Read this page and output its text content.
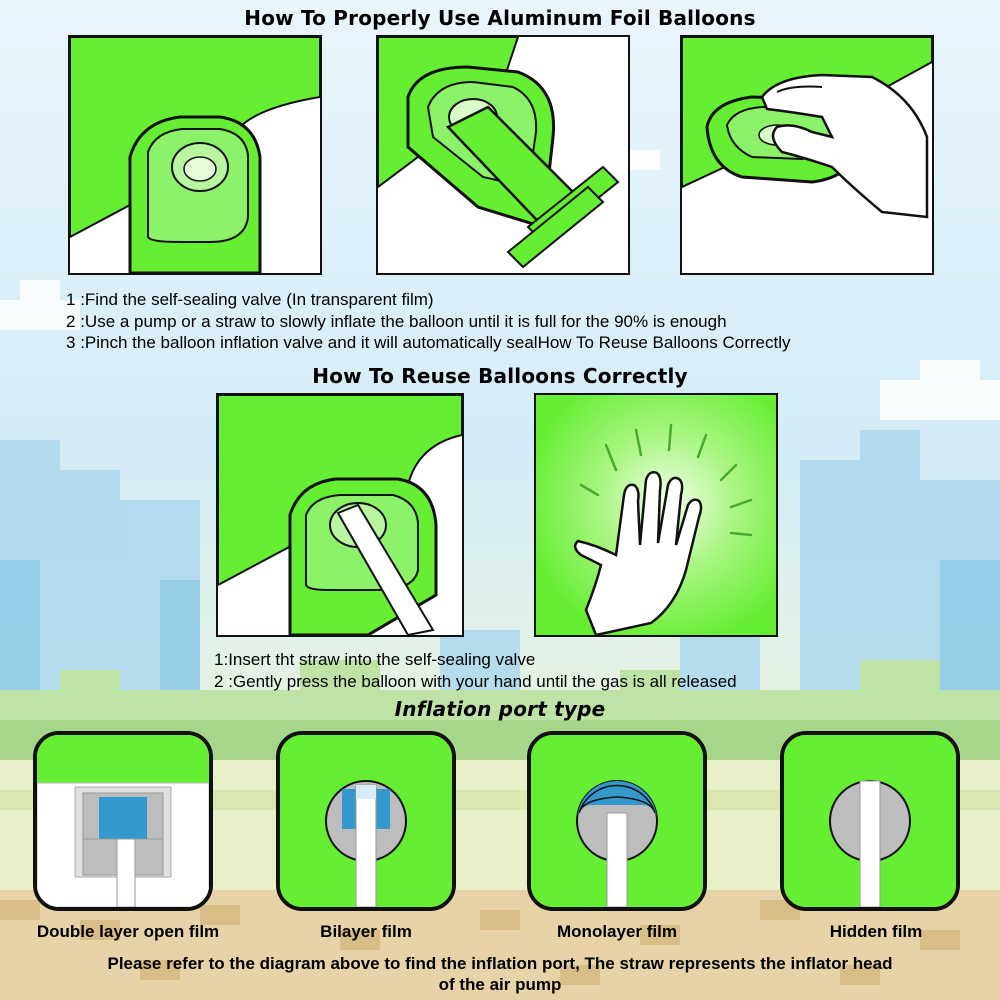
How To Properly Use Aluminum Foil Balloons
1 :Find the self-sealing valve (In transparent film)
2 :Use a pump or a straw to slowly inflate the balloon until it is full for the 90% is enough
3 :Pinch the balloon inflation valve and it will automatically sealHow To Reuse Balloons Correctly
How To Reuse Balloons Correctly
1:Insert tht straw into the self-sealing valve
2 :Gently press the balloon with your hand until the gas is all released
Inflation port type
Double layer open film	Bilayer film	Monolayer film	Hidden film
Please refer to the diagram above to find the inflation port, The straw represents the inflator head
of the air pump
